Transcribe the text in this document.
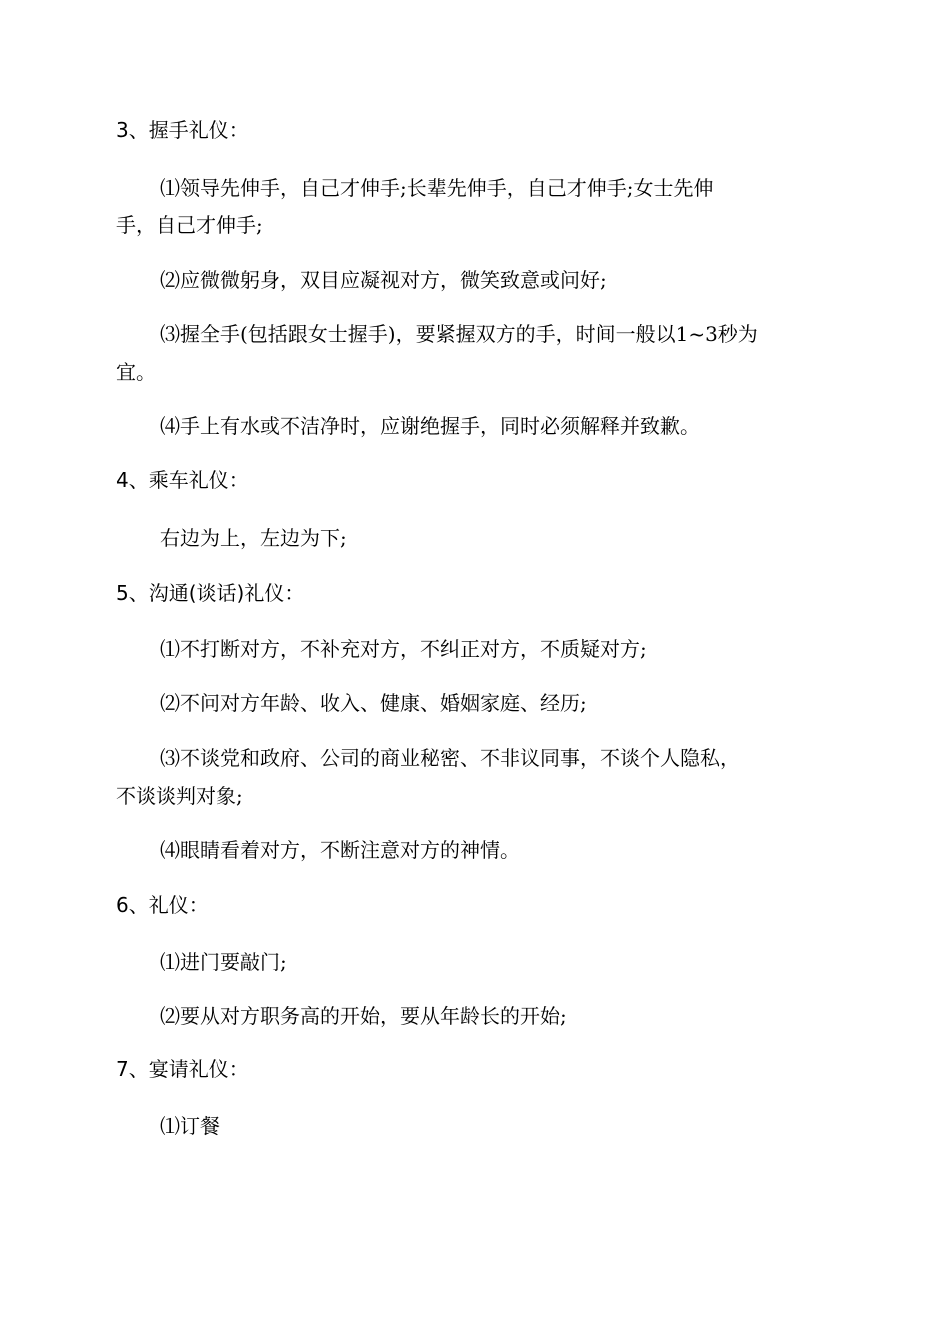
3、握手礼仪：
⑴领导先伸手，自己才伸手;长辈先伸手，自己才伸手;女士先伸
手，自己才伸手;
⑵应微微躬身，双目应凝视对方，微笑致意或问好;
⑶握全手(包括跟女士握手)，要紧握双方的手，时间一般以1~3秒为
宜。
⑷手上有水或不洁净时，应谢绝握手，同时必须解释并致歉。
4、乘车礼仪：
右边为上，左边为下;
5、沟通(谈话)礼仪：
⑴不打断对方，不补充对方，不纠正对方，不质疑对方;
⑵不问对方年龄、收入、健康、婚姻家庭、经历;
⑶不谈党和政府、公司的商业秘密、不非议同事，不谈个人隐私，
不谈谈判对象;
⑷眼睛看着对方，不断注意对方的神情。
6、礼仪：
⑴进门要敲门;
⑵要从对方职务高的开始，要从年龄长的开始;
7、宴请礼仪：
⑴订餐
